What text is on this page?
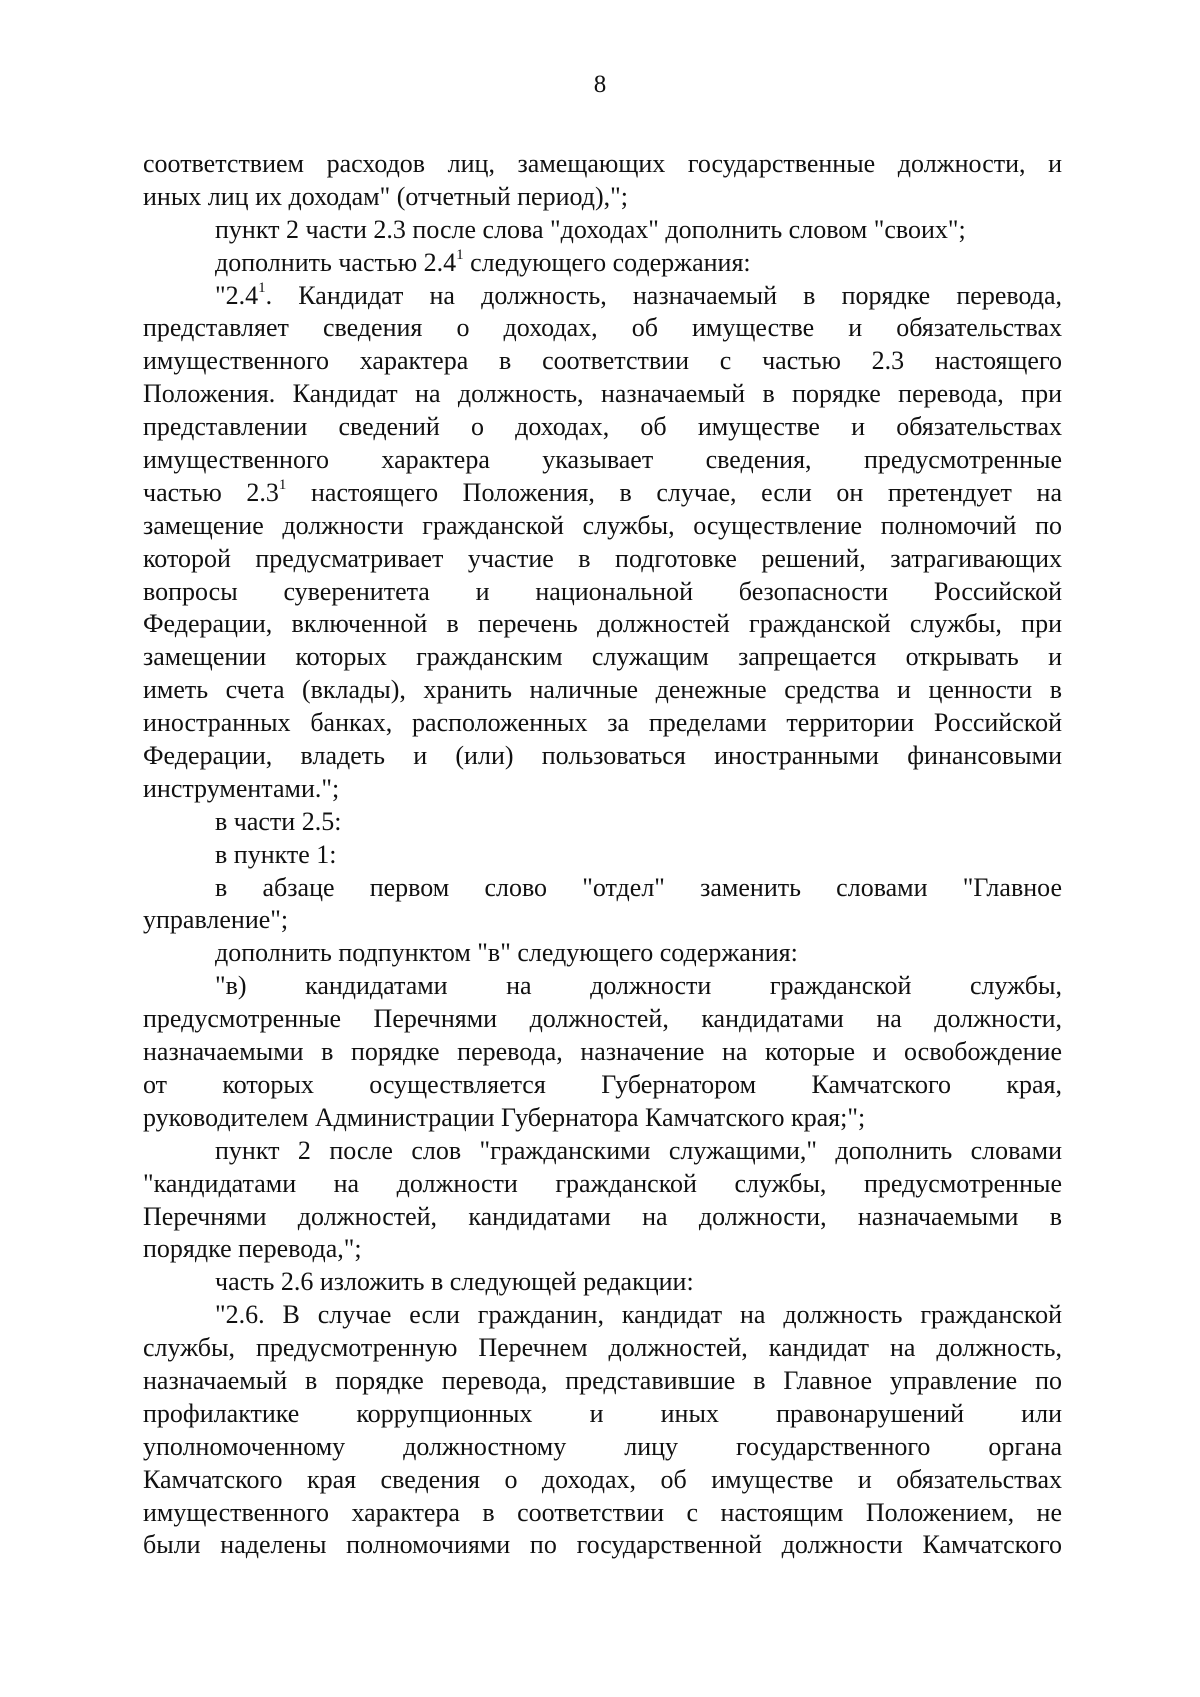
8
соответствием расходов лиц, замещающих государственные должности, и
иных лиц их доходам" (отчетный период),";
пункт 2 части 2.3 после слова "доходах" дополнить словом "своих";
дополнить частью $2.4^1$ следующего содержания:
"$2.4^1$. Кандидат на должность, назначаемый в порядке перевода,
представляет сведения о доходах, об имуществе и обязательствах
имущественного характера в соответствии с частью 2.3 настоящего
Положения. Кандидат на должность, назначаемый в порядке перевода, при
представлении сведений о доходах, об имуществе и обязательствах
имущественного характера указывает сведения, предусмотренные
частью $2.3^1$ настоящего Положения, в случае, если он претендует на
замещение должности гражданской службы, осуществление полномочий по
которой предусматривает участие в подготовке решений, затрагивающих
вопросы суверенитета и национальной безопасности Российской
Федерации, включенной в перечень должностей гражданской службы, при
замещении которых гражданским служащим запрещается открывать и
иметь счета (вклады), хранить наличные денежные средства и ценности в
иностранных банках, расположенных за пределами территории Российской
Федерации, владеть и (или) пользоваться иностранными финансовыми
инструментами.";
в части 2.5:
в пункте 1:
в абзаце первом слово "отдел" заменить словами "Главное
управление";
дополнить подпунктом "в" следующего содержания:
"в) кандидатами на должности гражданской службы,
предусмотренные Перечнями должностей, кандидатами на должности,
назначаемыми в порядке перевода, назначение на которые и освобождение
от которых осуществляется Губернатором Камчатского края,
руководителем Администрации Губернатора Камчатского края;";
пункт 2 после слов "гражданскими служащими," дополнить словами
"кандидатами на должности гражданской службы, предусмотренные
Перечнями должностей, кандидатами на должности, назначаемыми в
порядке перевода,";
часть 2.6 изложить в следующей редакции:
"2.6. В случае если гражданин, кандидат на должность гражданской
службы, предусмотренную Перечнем должностей, кандидат на должность,
назначаемый в порядке перевода, представившие в Главное управление по
профилактике коррупционных и иных правонарушений или
уполномоченному должностному лицу государственного органа
Камчатского края сведения о доходах, об имуществе и обязательствах
имущественного характера в соответствии с настоящим Положением, не
были наделены полномочиями по государственной должности Камчатского
